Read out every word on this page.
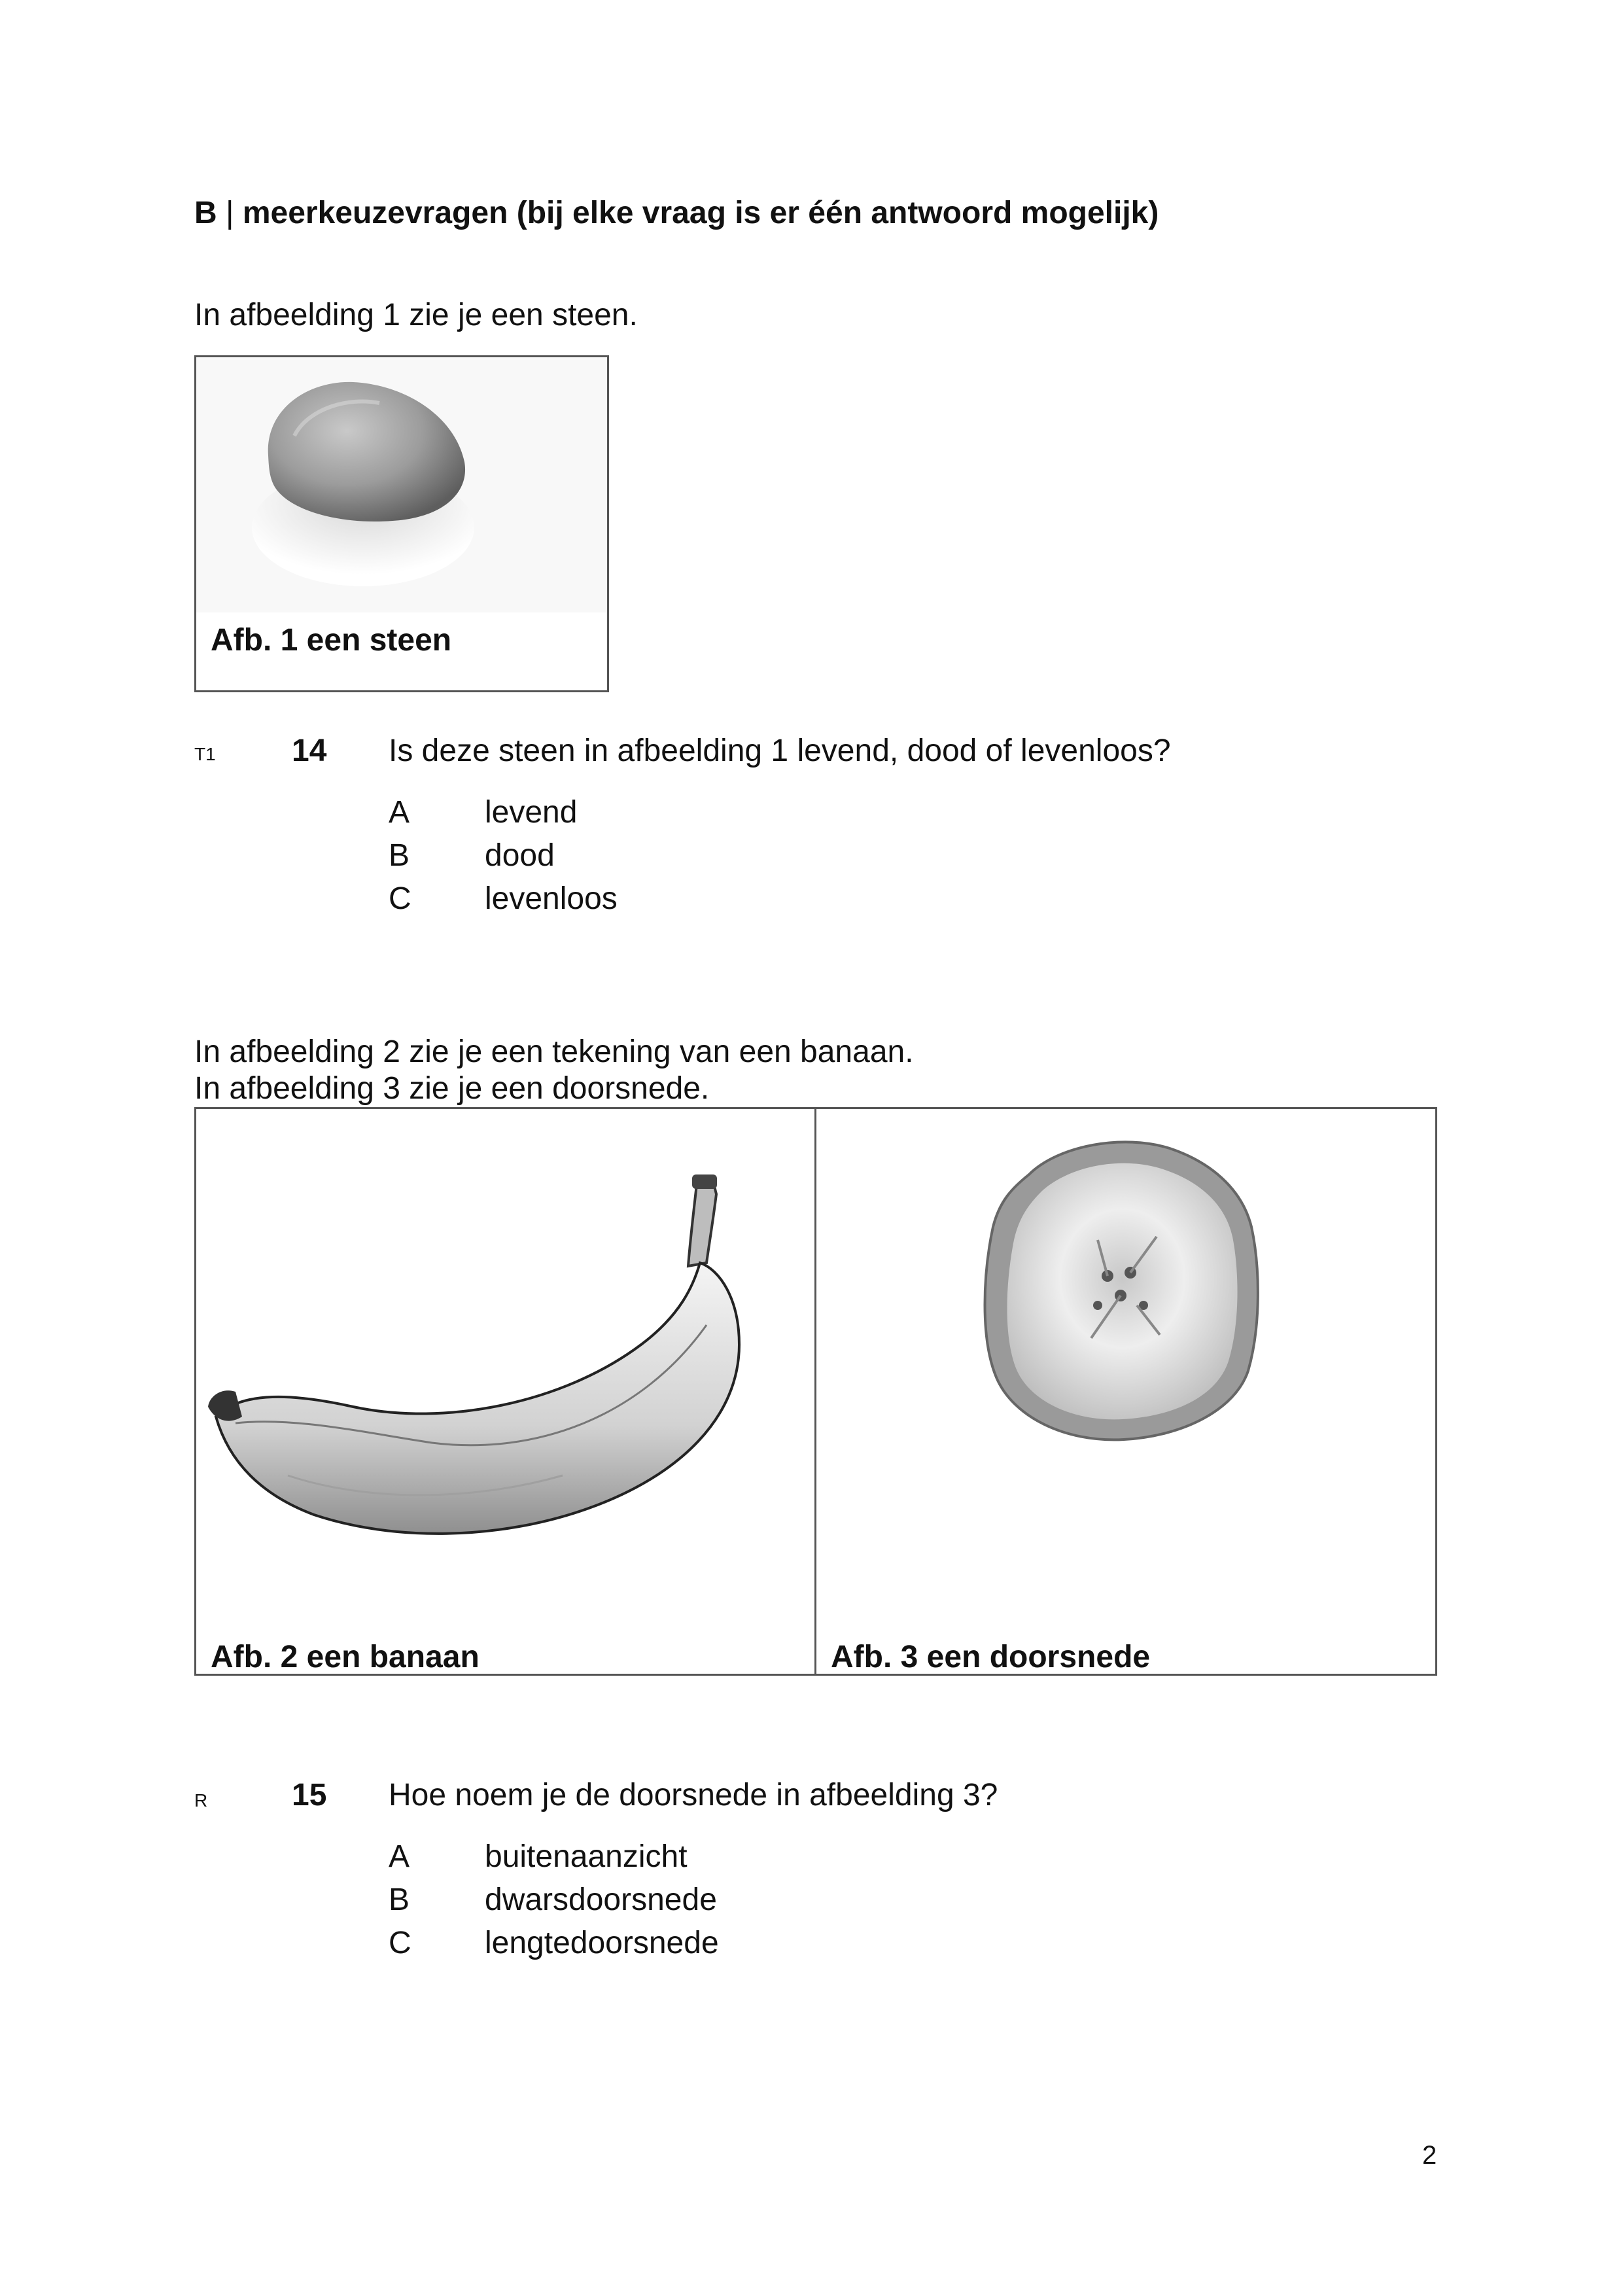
B | meerkeuzevragen (bij elke vraag is er één antwoord mogelijk)
In afbeelding 1 zie je een steen.
Afb. 1 een steen
T1 14 Is deze steen in afbeelding 1 levend, dood of levenloos?
A levend
B dood
C levenloos
In afbeelding 2 zie je een tekening van een banaan.
In afbeelding 3 zie je een doorsnede.
Afb. 2 een banaan	Afb. 3 een doorsnede
R	15 Hoe noem je de doorsnede in afbeelding 3?
A buitenaanzicht
B dwarsdoorsnede
C lengtedoorsnede
2
